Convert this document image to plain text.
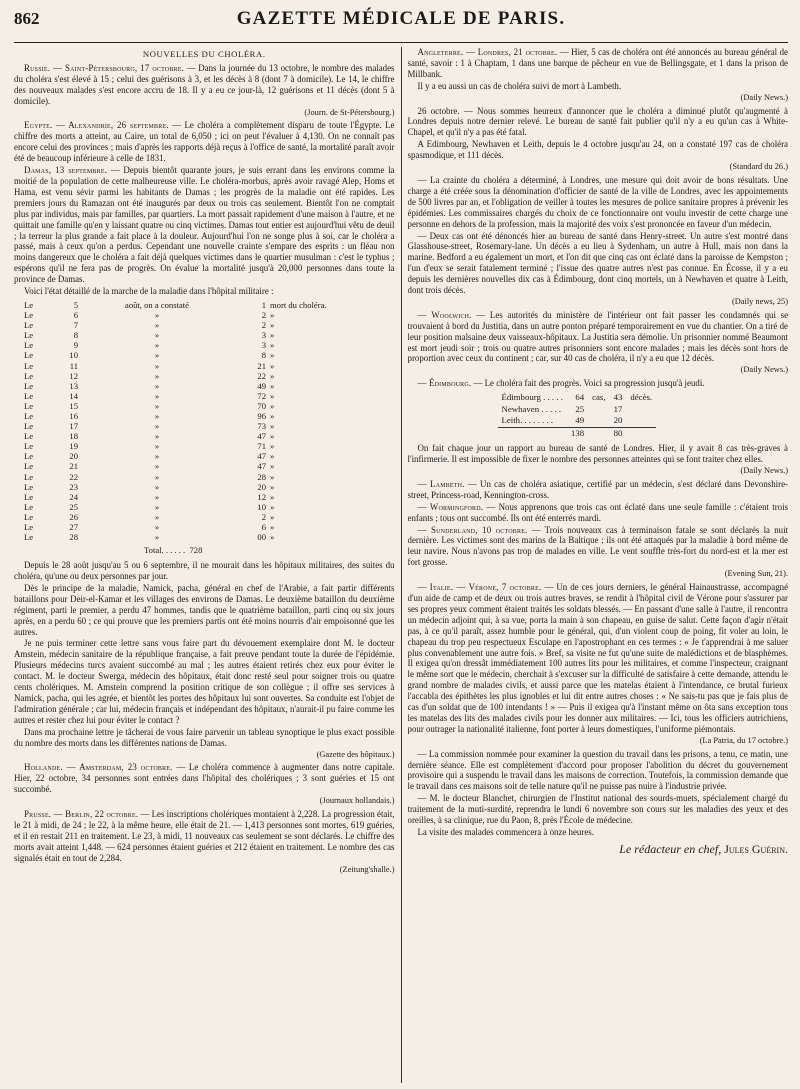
862	GAZETTE MÉDICALE DE PARIS.
NOUVELLES DU CHOLÉRA.

Russie. — Saint-Pétersbourg, 17 octobre. — Dans la journée du 13 octobre, le nombre des malades du choléra s'est élevé à 15 ; celui des guérisons à 3, et les décès à 8 (dont 7 à domicile). Le 14, le chiffre des nouveaux malades s'est encore accru de 18. Il y a eu ce jour-là, 12 guérisons et 11 décès (dont 5 à domicile).

(Journ. de St-Pétersbourg.)

Egypte. — Alexandrie, 26 septembre. — Le choléra a complètement disparu de toute l'Égypte. Le chiffre des morts a atteint, au Caire, un total de 6,050 ; ici on peut l'évaluer à 4,130. On ne connaît pas encore celui des provinces ; mais d'après les rapports déjà reçus à l'office de santé, la mortalité paraît avoir été de beaucoup inférieure à celle de 1831.

Damas, 13 septembre. — Depuis bientôt quarante jours, je suis errant dans les environs comme la moitié de la population de cette malheureuse ville. Le choléra-morbus, après avoir ravagé Alep, Homs et Hama, est venu sévir parmi les habitants de Damas ; les progrès de la maladie ont été rapides. Les premiers jours du Ramazan ont été inaugurés par deux ou trois cas seulement. Bientôt l'on ne comptait plus par individus, mais par familles, par quartiers. La mort passait rapidement d'une maison à l'autre, et ne quittait une famille qu'en y laissant quatre ou cinq victimes. Damas tout entier est aujourd'hui vêtu de deuil ; la terreur la plus grande a fait place à la douleur. Aujourd'hui l'on ne songe plus à soi, car le choléra a passé, mais à ceux qu'on a perdus. Cependant une nouvelle crainte s'empare des esprits : un fléau non moins dangereux que le choléra a fait déjà quelques victimes dans le quartier musulman : c'est le typhus ; espérons qu'il ne fera pas de progrès. On évalue la mortalité jusqu'à 20,000 personnes dans toute la province de Damas.

Voici l'état détaillé de la marche de la maladie dans l'hôpital militaire :

Le	5	août, on a constaté	1	mort du choléra.
Le	6	»	2	»
Le	7	»	2	»
Le	8	»	3	»
Le	9	»	3	»
Le	10	»	8	»
Le	11	»	21	»
Le	12	»	22	»
Le	13	»	49	»
Le	14	»	72	»
Le	15	»	70	»
Le	16	»	96	»
Le	17	»	73	»
Le	18	»	47	»
Le	19	»	71	»
Le	20	»	47	»
Le	21	»	47	»
Le	22	»	28	»
Le	23	»	20	»
Le	24	»	12	»
Le	25	»	10	»
Le	26	»	2	»
Le	27	»	6	»
Le	28	»	00	»
Total. . . . . . 728

Depuis le 28 août jusqu'au 5 ou 6 septembre, il ne mourait dans les hôpitaux militaires, des suites du choléra, qu'une ou deux personnes par jour.

Dès le principe de la maladie, Namick, pacha, général en chef de l'Arabie, a fait partir différents bataillons pour Deir-el-Kamar et les villages des environs de Damas. Le deuxième bataillon du deuxième régiment, parti le premier, a perdu 47 hommes, tandis que le quatrième bataillon, parti cinq ou six jours après, en a perdu 60 ; ce qui prouve que les premiers partis ont été moins nourris d'air empoisonné que les autres.

Je ne puis terminer cette lettre sans vous faire part du dévouement exemplaire dont M. le docteur Amstein, médecin sanitaire de la république française, a fait preuve pendant toute la durée de l'épidémie. Plusieurs médecins turcs avaient succombé au mal ; les autres étaient retirés chez eux pour éviter le contact. M. le docteur Swerga, médecin des hôpitaux, était donc resté seul pour soigner trois ou quatre cents cholériques. M. Amstein comprend la position critique de son collègue ; il offre ses services à Namick, pacha, qui les agrée, et bientôt les portes des hôpitaux lui sont ouvertes. Sa conduite est l'objet de l'admiration générale ; car lui, médecin français et indépendant des hôpitaux, n'aurait-il pu faire comme les autres et rester chez lui pour éviter le contact ?

Dans ma prochaine lettre je tâcherai de vous faire parvenir un tableau synoptique le plus exact possible du nombre des morts dans les différentes nations de Damas.

(Gazette des hôpitaux.)

Hollande. — Amsterdam, 23 octobre. — Le choléra commence à augmenter dans notre capitale. Hier, 22 octobre, 34 personnes sont entrées dans l'hôpital des cholériques ; 3 sont guéries et 15 ont succombé.

(Journaux hollandais.)

Prusse. — Berlin, 22 octobre. — Les inscriptions cholériques montaient à 2,228. La progression était, le 21 à midi, de 24 ; le 22, à la même heure, elle était de 21. — 1,413 personnes sont mortes, 619 guéries, et il en restait 211 en traitement. Le 23, à midi, 11 nouveaux cas seulement se sont déclarés. Le chiffre des morts avait atteint 1,448. — 624 personnes étaient guéries et 212 étaient en traitement. Le nombre des cas signalés était en tout de 2,284.

(Zeitung'shalle.)

Angleterre. — Londres, 21 octobre. — Hier, 5 cas de choléra ont été annoncés au bureau général de santé, savoir : 1 à Chaptam, 1 dans une barque de pêcheur en vue de Bellingsgate, et 1 dans la prison de Millbank.

Il y a eu aussi un cas de choléra suivi de mort à Lambeth.

(Daily News.)

26 octobre. — Nous sommes heureux d'annoncer que le choléra a diminué plutôt qu'augmenté à Londres depuis notre dernier relevé. Le bureau de santé fait publier qu'il n'y a eu qu'un cas à White-Chapel, et qu'il n'y a pas été fatal.

A Edimbourg, Newhaven et Leith, depuis le 4 octobre jusqu'au 24, on a constaté 197 cas de choléra spasmodique, et 111 décès.

(Standard du 26.)

— La crainte du choléra a déterminé, à Londres, une mesure qui doit avoir de bons résultats. Une charge a été créée sous la dénomination d'officier de santé de la ville de Londres, avec les appointements de 500 livres par an, et l'obligation de veiller à toutes les mesures de police sanitaire propres à prévenir les épidémies. Les commissaires chargés du choix de ce fonctionnaire ont voulu investir de cette charge une personne en dehors de la profession, mais la majorité des voix s'est prononcée en faveur d'un médecin.

— Deux cas ont été dénoncés hier au bureau de santé dans Henry-street. Un autre s'est montré dans Glasshouse-street, Rosemary-lane. Un décès a eu lieu à Sydenham, un autre à Hull, mais non dans la marine. Bedford a eu également un mort, et l'on dit que cinq cas ont éclaté dans la paroisse de Kempston ; l'un d'eux se serait fatalement terminé ; l'issue des quatre autres n'est pas connue. En Écosse, il y a eu depuis les dernières nouvelles dix cas à Édimbourg, dont cinq mortels, un à Newhaven et quatre à Leith, dont trois décès.

(Daily news, 25)

— Woolwich. — Les autorités du ministère de l'intérieur ont fait passer les condamnés qui se trouvaient à bord du Justitia, dans un autre ponton préparé temporairement en vue du chantier. On a tiré de leur position malsaine deux vaisseaux-hôpitaux. La Justitia sera démolie. Un prisonnier nommé Beaumont est mort jeudi soir ; trois ou quatre autres prisonniers sont encore malades ; mais les décès sont hors de proportion avec ceux du continent ; car, sur 40 cas de choléra, il n'y a eu que 12 décès.

(Daily News.)

— Édimbourg. — Le choléra fait des progrès. Voici sa progression jusqu'à jeudi.

Édimbourg . . . . .	64	cas,	43	décès.
Newhaven . . . . .	25		17	
Leith. . . . . . . .	49		20	
	138		80	

On fait chaque jour un rapport au bureau de santé de Londres. Hier, il y avait 8 cas très-graves à l'infirmerie. Il est impossible de fixer le nombre des personnes atteintes qui se font traiter chez elles.

(Daily News.)

— Lambeth. — Un cas de choléra asiatique, certifié par un médecin, s'est déclaré dans Devonshire-street, Princess-road, Kennington-cross.

— Wormingford. — Nous apprenons que trois cas ont éclaté dans une seule famille : c'étaient trois enfants ; tous ont succombé. Ils ont été enterrés mardi.

— Sunderland, 10 octobre. — Trois nouveaux cas à terminaison fatale se sont déclarés la nuit dernière. Les victimes sont des marins de la Baltique ; ils ont été attaqués par la maladie à bord même de leur navire. Nous n'avons pas trop de malades en ville. Le vent souffle très-fort du nord-est et la mer est fort grosse.

(Evening Sun, 21).

— Italie. — Vérone, 7 octobre. — Un de ces jours derniers, le général Hainaustrasse, accompagné d'un aide de camp et de deux ou trois autres braves, se rendit à l'hôpital civil de Vérone pour s'assurer par ses propres yeux comment étaient traités les soldats blessés. — En passant d'une salle à l'autre, il rencontra un médecin adjoint qui, à sa vue, porta la main à son chapeau, en guise de salut. Cette façon d'agir n'était pas, à ce qu'il paraît, assez humble pour le général, qui, d'un violent coup de poing, fit voler au loin, le chapeau du trop peu respectueux Esculape en l'apostrophant en ces termes : « Je t'apprendrai à me saluer plus convenablement une autre fois. » Bref, sa visite ne fut qu'une suite de malédictions et de blasphèmes. Il exigea qu'on dressât immédiatement 100 autres lits pour les militaires, et comme l'inspecteur, craignant le même sort que le médecin, cherchait à s'excuser sur la difficulté de satisfaire à cette demande, attendu le grand nombre de malades civils, et aussi parce que les matelas étaient à l'intendance, ce brutal furieux l'accabla des épithètes les plus ignobles et lui dit entre autres choses : « Ne sais-tu pas que je fais plus de cas d'un soldat que de 100 intendants ! » — Puis il exigea qu'à l'instant même on ôta sans exception tous les matelas des lits des malades civils pour les donner aux militaires. — Ici, tous les officiers autrichiens, pour outrager la nationalité italienne, font porter à leurs domestiques, l'uniforme piémontais.

(La Patria, du 17 octobre.)

— La commission nommée pour examiner la question du travail dans les prisons, a tenu, ce matin, une dernière séance. Elle est complètement d'accord pour proposer l'abolition du décret du gouvernement provisoire qui a suspendu le travail dans les maisons de correction. Toutefois, la commission demande que le travail dans ces maisons soit de telle nature qu'il ne puisse pas nuire à l'industrie privée.

— M. le docteur Blanchet, chirurgien de l'Institut national des sourds-muets, spécialement chargé du traitement de la muti-surdité, reprendra le lundi 6 novembre son cours sur les maladies des yeux et des oreilles, à sa clinique, rue du Paon, 8, près l'École de médecine.

La visite des malades commencera à onze heures.

Le rédacteur en chef, Jules Guérin.
